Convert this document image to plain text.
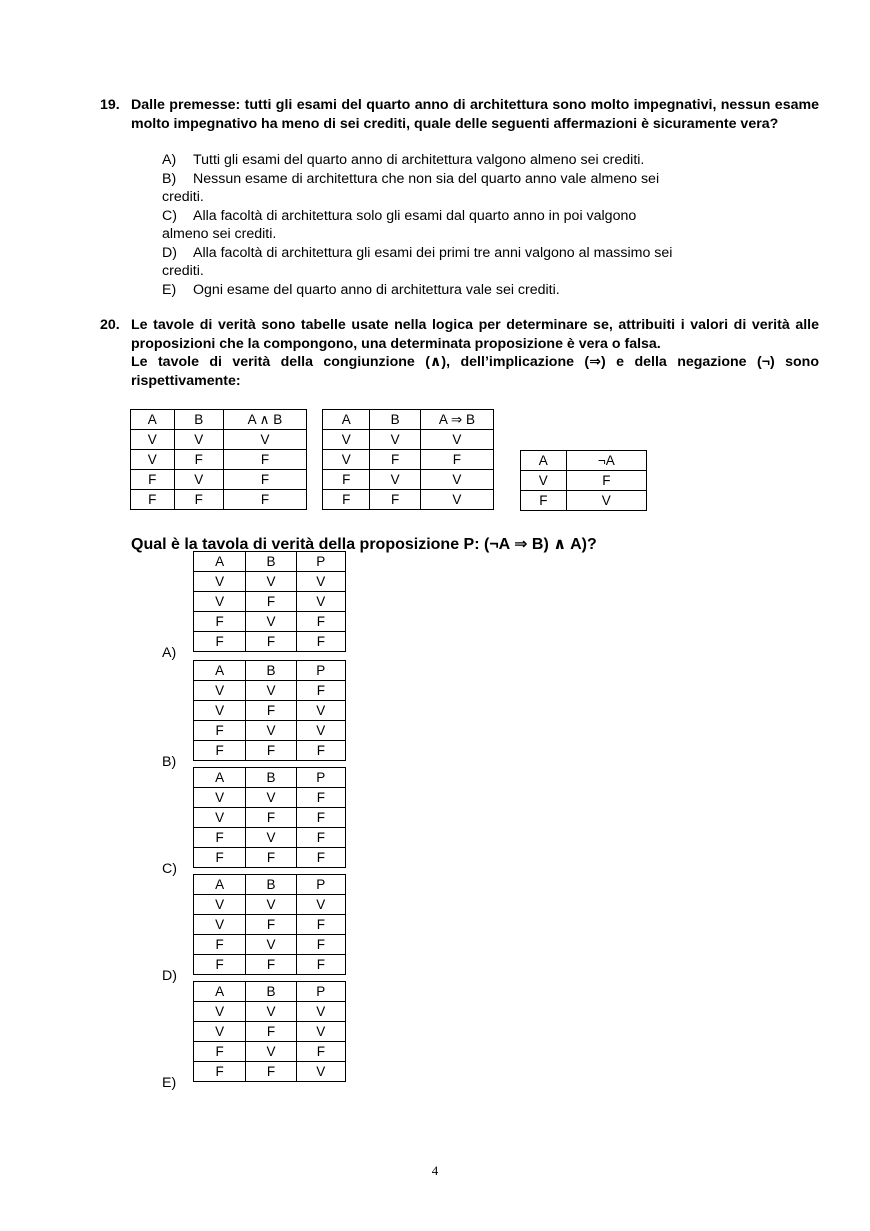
19. Dalle premesse: tutti gli esami del quarto anno di architettura sono molto impegnativi, nessun esame molto impegnativo ha meno di sei crediti, quale delle seguenti affermazioni è sicuramente vera?
A) Tutti gli esami del quarto anno di architettura valgono almeno sei crediti.
B) Nessun esame di architettura che non sia del quarto anno vale almeno sei
crediti.
C) Alla facoltà di architettura solo gli esami dal quarto anno in poi valgono
almeno sei crediti.
D) Alla facoltà di architettura gli esami dei primi tre anni valgono al massimo sei
crediti.
E) Ogni esame del quarto anno di architettura vale sei crediti.
20. Le tavole di verità sono tabelle usate nella logica per determinare se, attribuiti i valori di verità alle proposizioni che la compongono, una determinata proposizione è vera o falsa.
Le tavole di verità della congiunzione (∧), dell’implicazione (⇒) e della negazione (¬) sono rispettivamente:
A	B	A ∧ B
V	V	V
V	F	F
F	V	F
F	F	F
A	B	A ⇒ B
V	V	V
V	F	F
F	V	V
F	F	V
A	¬A
V	F
F	V
Qual è la tavola di verità della proposizione P: (¬A ⇒ B) ∧ A)?
A	B	P
V	V	V
V	F	V
F	V	F
F	F	F
A)
A	B	P
V	V	F
V	F	V
F	V	V
F	F	F
B)
A	B	P
V	V	F
V	F	F
F	V	F
F	F	F
C)
A	B	P
V	V	V
V	F	F
F	V	F
F	F	F
D)
A	B	P
V	V	V
V	F	V
F	V	F
F	F	V
E)
4
